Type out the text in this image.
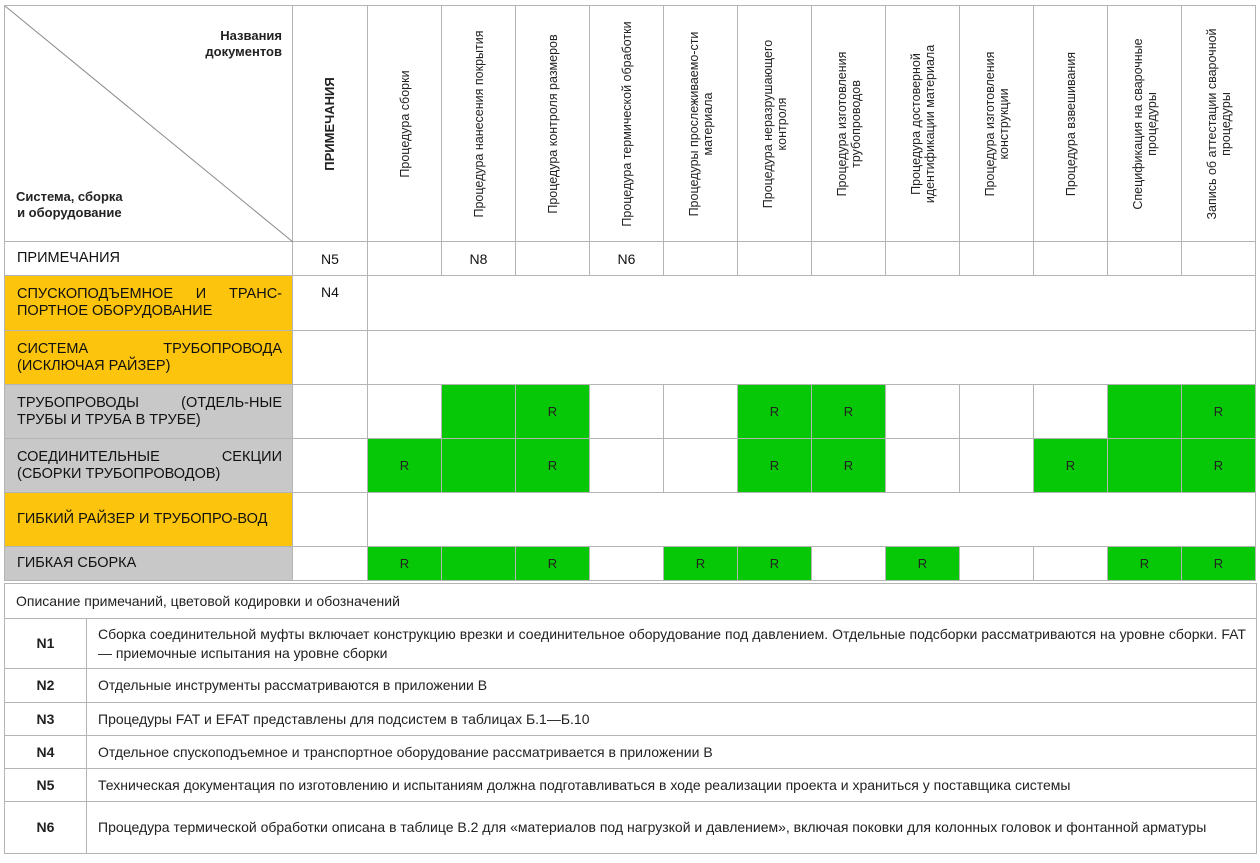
Названия
документов
Система, сборка
и оборудование	ПРИМЕЧАНИЯ	Процедура сборки	Процедура нанесения покрытия	Процедура контроля размеров	Процедура термической обработки	Процедуры прослеживаемо-сти материала	Процедура неразрушающего контроля	Процедура изготовления трубопроводов	Процедура достоверной идентификации материала	Процедура изготовления конструкции	Процедура взвешивания	Спецификация на сварочные процедуры	Запись об аттестации сварочной процедуры

ПРИМЕЧАНИЯ	N5		N8		N6								
СПУСКОПОДЪЕМНОЕ И ТРАНС-ПОРТНОЕ ОБОРУДОВАНИЕ	N4												
СИСТЕМА ТРУБОПРОВОДА (ИСКЛЮЧАЯ РАЙЗЕР)													
ТРУБОПРОВОДЫ (ОТДЕЛЬ-НЫЕ ТРУБЫ И ТРУБА В ТРУБЕ)				R			R	R					R
СОЕДИНИТЕЛЬНЫЕ СЕКЦИИ (СБОРКИ ТРУБОПРОВОДОВ)		R		R			R	R			R		R
ГИБКИЙ РАЙЗЕР И ТРУБОПРО-ВОД													
ГИБКАЯ СБОРКА		R		R		R	R		R			R	R
Описание примечаний, цветовой кодировки и обозначений	
N1	Сборка соединительной муфты включает конструкцию врезки и соединительное оборудование под давлением. Отдельные подсборки рассматриваются на уровне сборки. FAT — приемочные испытания на уровне сборки
N2	Отдельные инструменты рассматриваются в приложении В
N3	Процедуры FAT и EFAT представлены для подсистем в таблицах Б.1—Б.10
N4	Отдельное спускоподъемное и транспортное оборудование рассматривается в приложении В
N5	Техническая документация по изготовлению и испытаниям должна подготавливаться в ходе реализации проекта и храниться у поставщика системы
N6	Процедура термической обработки описана в таблице В.2 для «материалов под нагрузкой и давлением», включая поковки для колонных головок и фонтанной арматуры
